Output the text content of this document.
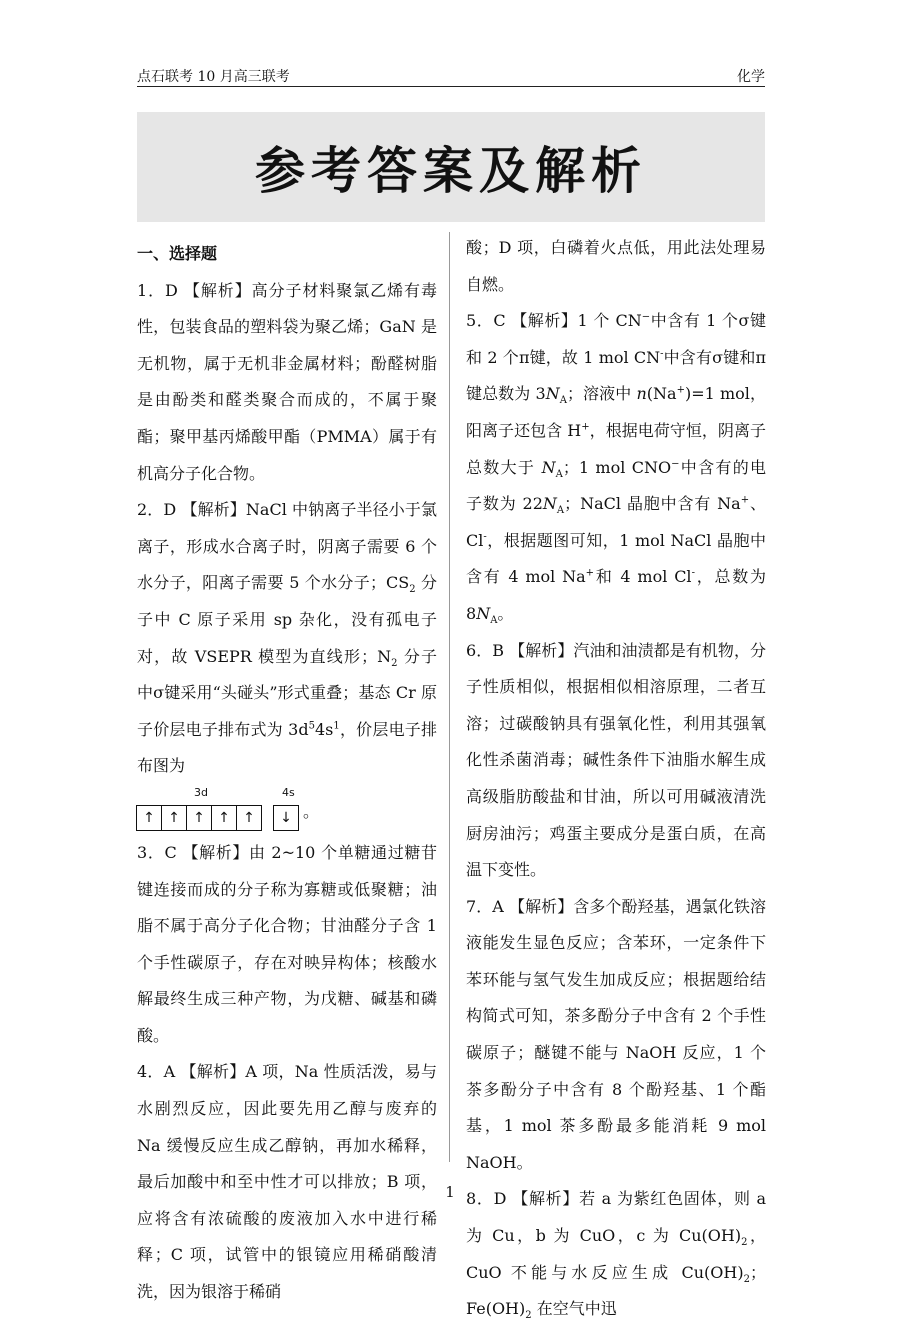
点石联考 10 月高三联考	化学
参考答案及解析

一、选择题

1．D 【解析】高分子材料聚氯乙烯有毒性，包装食品的塑料袋为聚乙烯；GaN 是无机物，属于无机非金属材料；酚醛树脂是由酚类和醛类聚合而成的，不属于聚酯；聚甲基丙烯酸甲酯（PMMA）属于有机高分子化合物。

2．D 【解析】NaCl 中钠离子半径小于氯离子，形成水合离子时，阴离子需要 6 个水分子，阳离子需要 5 个水分子；$CS_2$ 分子中 C 原子采用 sp 杂化，没有孤电子对，故 VSEPR 模型为直线形；$N_2$ 分子中σ键采用“头碰头”形式重叠；基态 Cr 原子价层电子排布式为 $3d^54s^1$，价层电子排布图为

3d	4s
↑ ↑ ↑ ↑ ↑	↓ 。

3．C 【解析】由 2~10 个单糖通过糖苷键连接而成的分子称为寡糖或低聚糖；油脂不属于高分子化合物；甘油醛分子含 1 个手性碳原子，存在对映异构体；核酸水解最终生成三种产物，为戊糖、碱基和磷酸。

4．A 【解析】A 项，Na 性质活泼，易与水剧烈反应，因此要先用乙醇与废弃的 Na 缓慢反应生成乙醇钠，再加水稀释，最后加酸中和至中性才可以排放；B 项，应将含有浓硫酸的废液加入水中进行稀释；C 项，试管中的银镜应用稀硝酸清洗，因为银溶于稀硝

酸；D 项，白磷着火点低，用此法处理易自燃。

5．C 【解析】1 个 CN−中含有 1 个σ键和 2 个π键，故 1 mol CN-中含有σ键和π键总数为 $3N_A$；溶液中 n(Na+)=1 mol，阳离子还包含 H+，根据电荷守恒，阴离子总数大于 $N_A$；1 mol CNO−中含有的电子数为 $22N_A$；NaCl 晶胞中含有 Na+、Cl-，根据题图可知，1 mol NaCl 晶胞中含有 4 mol Na+和 4 mol Cl-，总数为 $8N_A$。

6．B 【解析】汽油和油渍都是有机物，分子性质相似，根据相似相溶原理，二者互溶；过碳酸钠具有强氧化性，利用其强氧化性杀菌消毒；碱性条件下油脂水解生成高级脂肪酸盐和甘油，所以可用碱液清洗厨房油污；鸡蛋主要成分是蛋白质，在高温下变性。

7．A 【解析】含多个酚羟基，遇氯化铁溶液能发生显色反应；含苯环，一定条件下苯环能与氢气发生加成反应；根据题给结构简式可知，茶多酚分子中含有 2 个手性碳原子；醚键不能与 NaOH 反应，1 个茶多酚分子中含有 8 个酚羟基、1 个酯基，1 mol 茶多酚最多能消耗 9 mol NaOH。

8．D 【解析】若 a 为紫红色固体，则 a 为 Cu，b 为 CuO，c 为 $Cu(OH)_2$，CuO 不能与水反应生成 $Cu(OH)_2$；$Fe(OH)_2$ 在空气中迅

1
